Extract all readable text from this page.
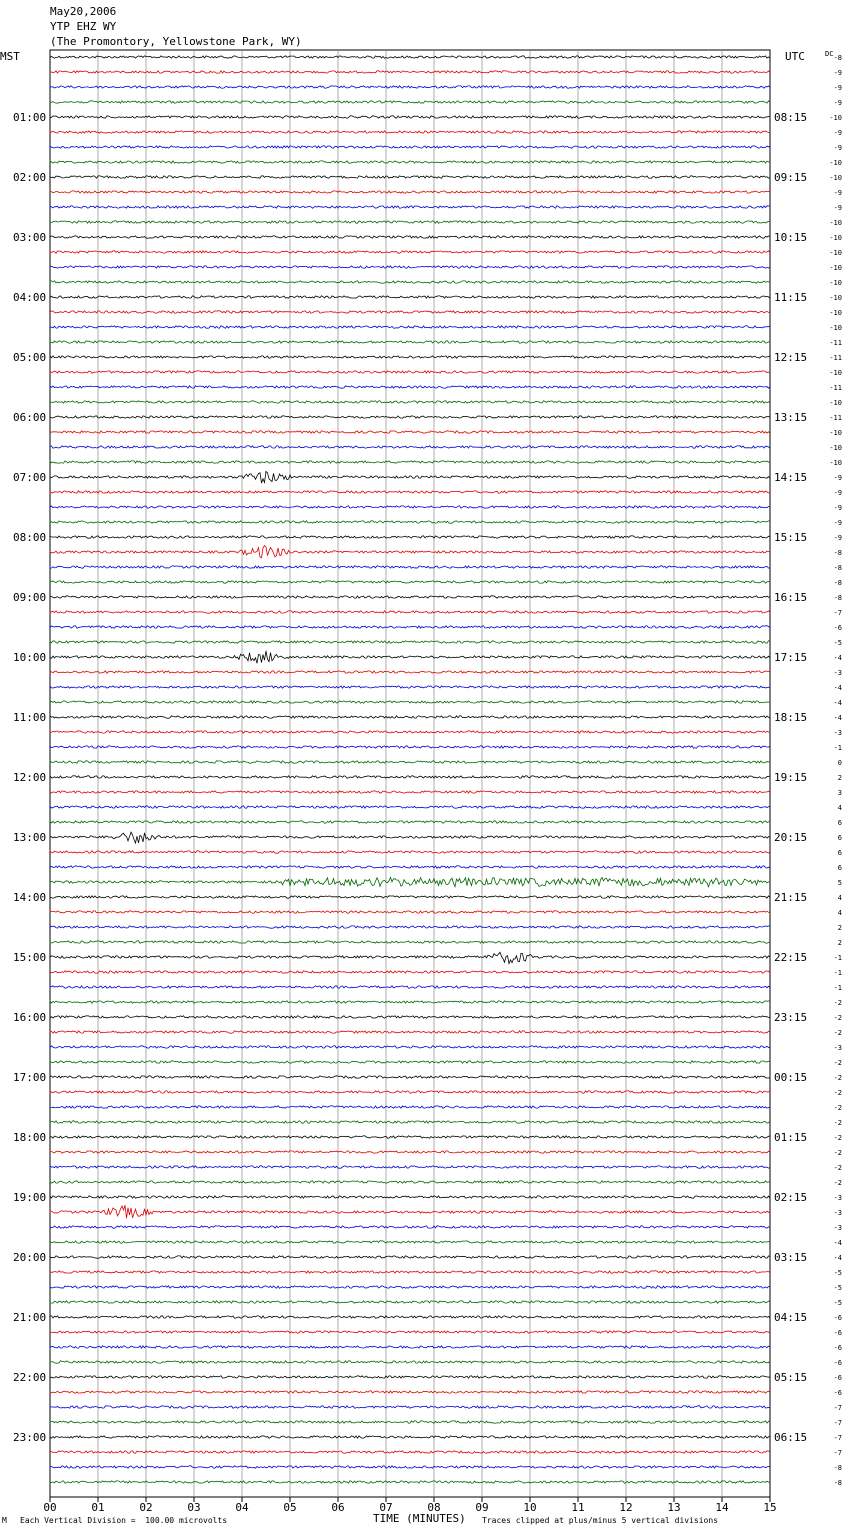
May20,2006
YTP EHZ WY
(The Promontory, Yellowstone Park, WY)
MST	UTC	DC
00	01	02	03	04	05	06	07	08	09	10	11	12	13	14	15
-8
-9
-9
-9
-10
01:00	08:15
-9
-9
-10
-10
02:00	09:15
-9
-9
-10
-10
03:00	10:15
-10
-10
-10
-10
04:00	11:15
-10
-10
-11
-11
05:00	12:15
-10
-11
-10
-11
06:00	13:15
-10
-10
-10
-9
07:00	14:15
-9
-9
-9
-9
08:00	15:15
-8
-8
-8
-8
09:00	16:15
-7
-6
-5
-4
10:00	17:15
-3
-4
-4
-4
11:00	18:15
-3
-1
0
2
12:00	19:15
3
4
6
6
13:00	20:15
6
6
5
4
14:00	21:15
4
2
2
-1
15:00	22:15
-1
-1
-2
-2
16:00	23:15
-2
-3
-2
-2
17:00	00:15
-2
-2
-2
-2
18:00	01:15
-2
-2
-2
-3
19:00	02:15
-3
-3
-4
-4
20:00	03:15
-5
-5
-5
-6
21:00	04:15
-6
-6
-6
-6
22:00	05:15
-6
-7
-7
-7
23:00	06:15
-7
-8
-8
M Each Vertical Division =  100.00 microvolts	TIME (MINUTES) Traces clipped at plus/minus 5 vertical divisions
